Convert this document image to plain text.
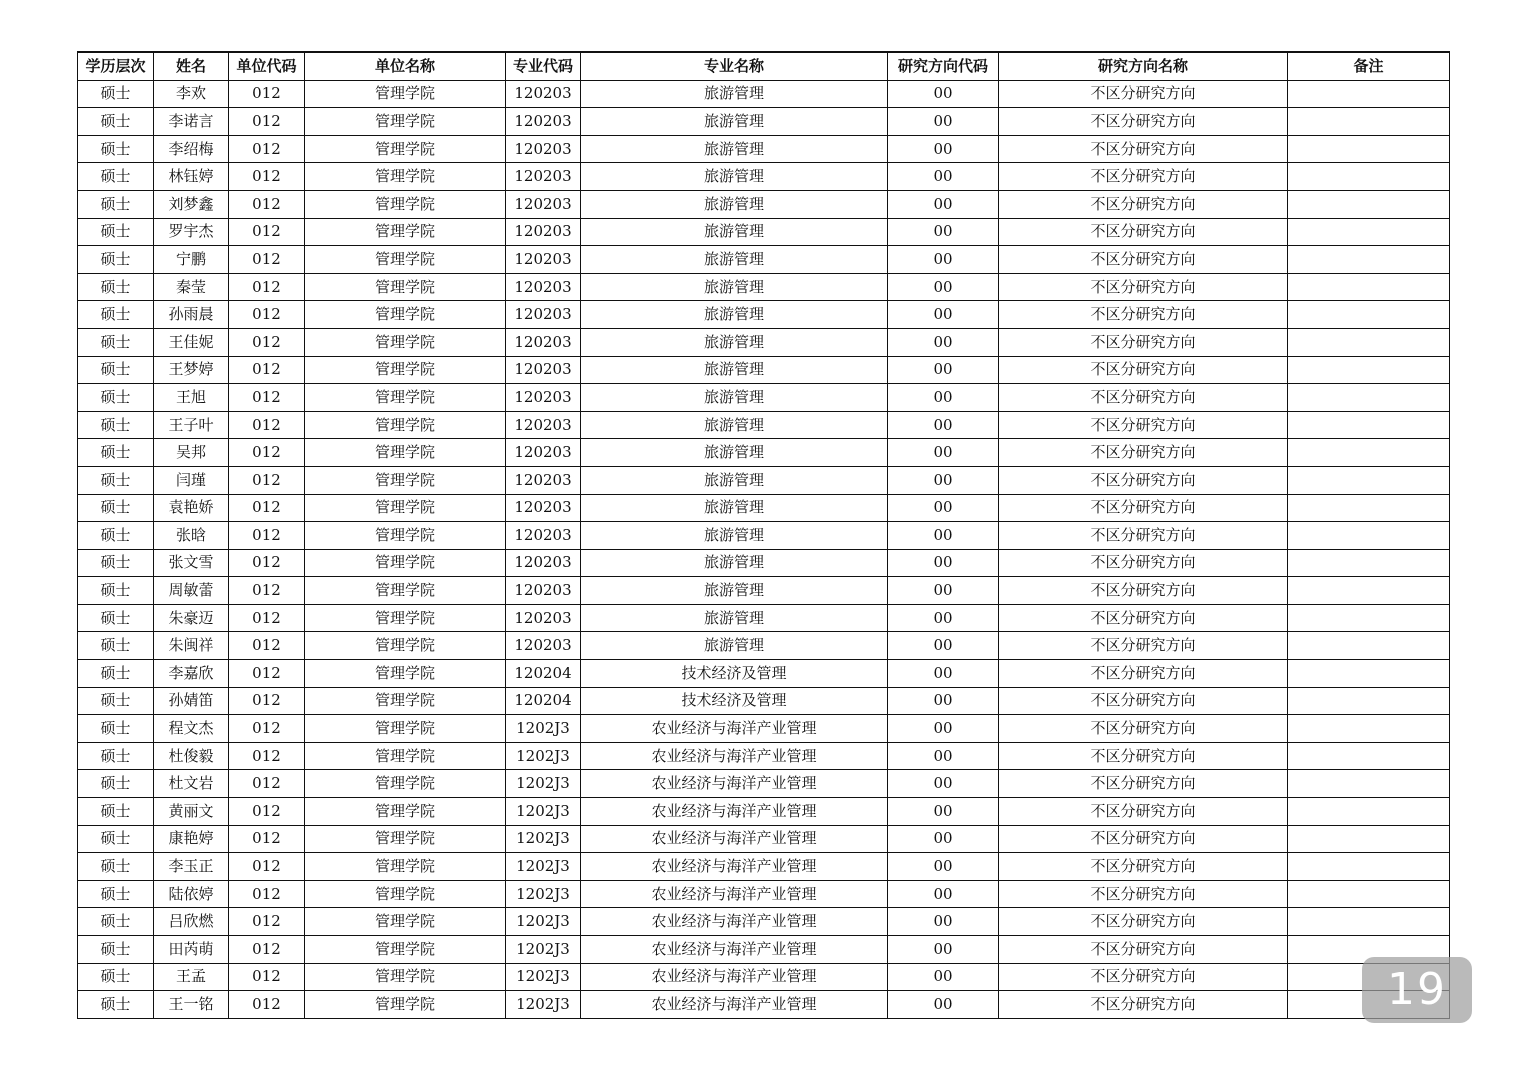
学历层次	姓名	单位代码	单位名称	专业代码	专业名称	研究方向代码	研究方向名称	备注
硕士	李欢	012	管理学院	120203	旅游管理	00	不区分研究方向	
硕士	李诺言	012	管理学院	120203	旅游管理	00	不区分研究方向	
硕士	李绍梅	012	管理学院	120203	旅游管理	00	不区分研究方向	
硕士	林钰婷	012	管理学院	120203	旅游管理	00	不区分研究方向	
硕士	刘梦鑫	012	管理学院	120203	旅游管理	00	不区分研究方向	
硕士	罗宇杰	012	管理学院	120203	旅游管理	00	不区分研究方向	
硕士	宁鹏	012	管理学院	120203	旅游管理	00	不区分研究方向	
硕士	秦莹	012	管理学院	120203	旅游管理	00	不区分研究方向	
硕士	孙雨晨	012	管理学院	120203	旅游管理	00	不区分研究方向	
硕士	王佳妮	012	管理学院	120203	旅游管理	00	不区分研究方向	
硕士	王梦婷	012	管理学院	120203	旅游管理	00	不区分研究方向	
硕士	王旭	012	管理学院	120203	旅游管理	00	不区分研究方向	
硕士	王子叶	012	管理学院	120203	旅游管理	00	不区分研究方向	
硕士	吴邦	012	管理学院	120203	旅游管理	00	不区分研究方向	
硕士	闫瑾	012	管理学院	120203	旅游管理	00	不区分研究方向	
硕士	袁艳娇	012	管理学院	120203	旅游管理	00	不区分研究方向	
硕士	张晗	012	管理学院	120203	旅游管理	00	不区分研究方向	
硕士	张文雪	012	管理学院	120203	旅游管理	00	不区分研究方向	
硕士	周敏蕾	012	管理学院	120203	旅游管理	00	不区分研究方向	
硕士	朱豪迈	012	管理学院	120203	旅游管理	00	不区分研究方向	
硕士	朱闽祥	012	管理学院	120203	旅游管理	00	不区分研究方向	
硕士	李嘉欣	012	管理学院	120204	技术经济及管理	00	不区分研究方向	
硕士	孙婧笛	012	管理学院	120204	技术经济及管理	00	不区分研究方向	
硕士	程文杰	012	管理学院	1202J3	农业经济与海洋产业管理	00	不区分研究方向	
硕士	杜俊毅	012	管理学院	1202J3	农业经济与海洋产业管理	00	不区分研究方向	
硕士	杜文岩	012	管理学院	1202J3	农业经济与海洋产业管理	00	不区分研究方向	
硕士	黄丽文	012	管理学院	1202J3	农业经济与海洋产业管理	00	不区分研究方向	
硕士	康艳婷	012	管理学院	1202J3	农业经济与海洋产业管理	00	不区分研究方向	
硕士	李玉正	012	管理学院	1202J3	农业经济与海洋产业管理	00	不区分研究方向	
硕士	陆依婷	012	管理学院	1202J3	农业经济与海洋产业管理	00	不区分研究方向	
硕士	吕欣燃	012	管理学院	1202J3	农业经济与海洋产业管理	00	不区分研究方向	
硕士	田芮萌	012	管理学院	1202J3	农业经济与海洋产业管理	00	不区分研究方向	
硕士	王孟	012	管理学院	1202J3	农业经济与海洋产业管理	00	不区分研究方向	
硕士	王一铭	012	管理学院	1202J3	农业经济与海洋产业管理	00	不区分研究方向		19
